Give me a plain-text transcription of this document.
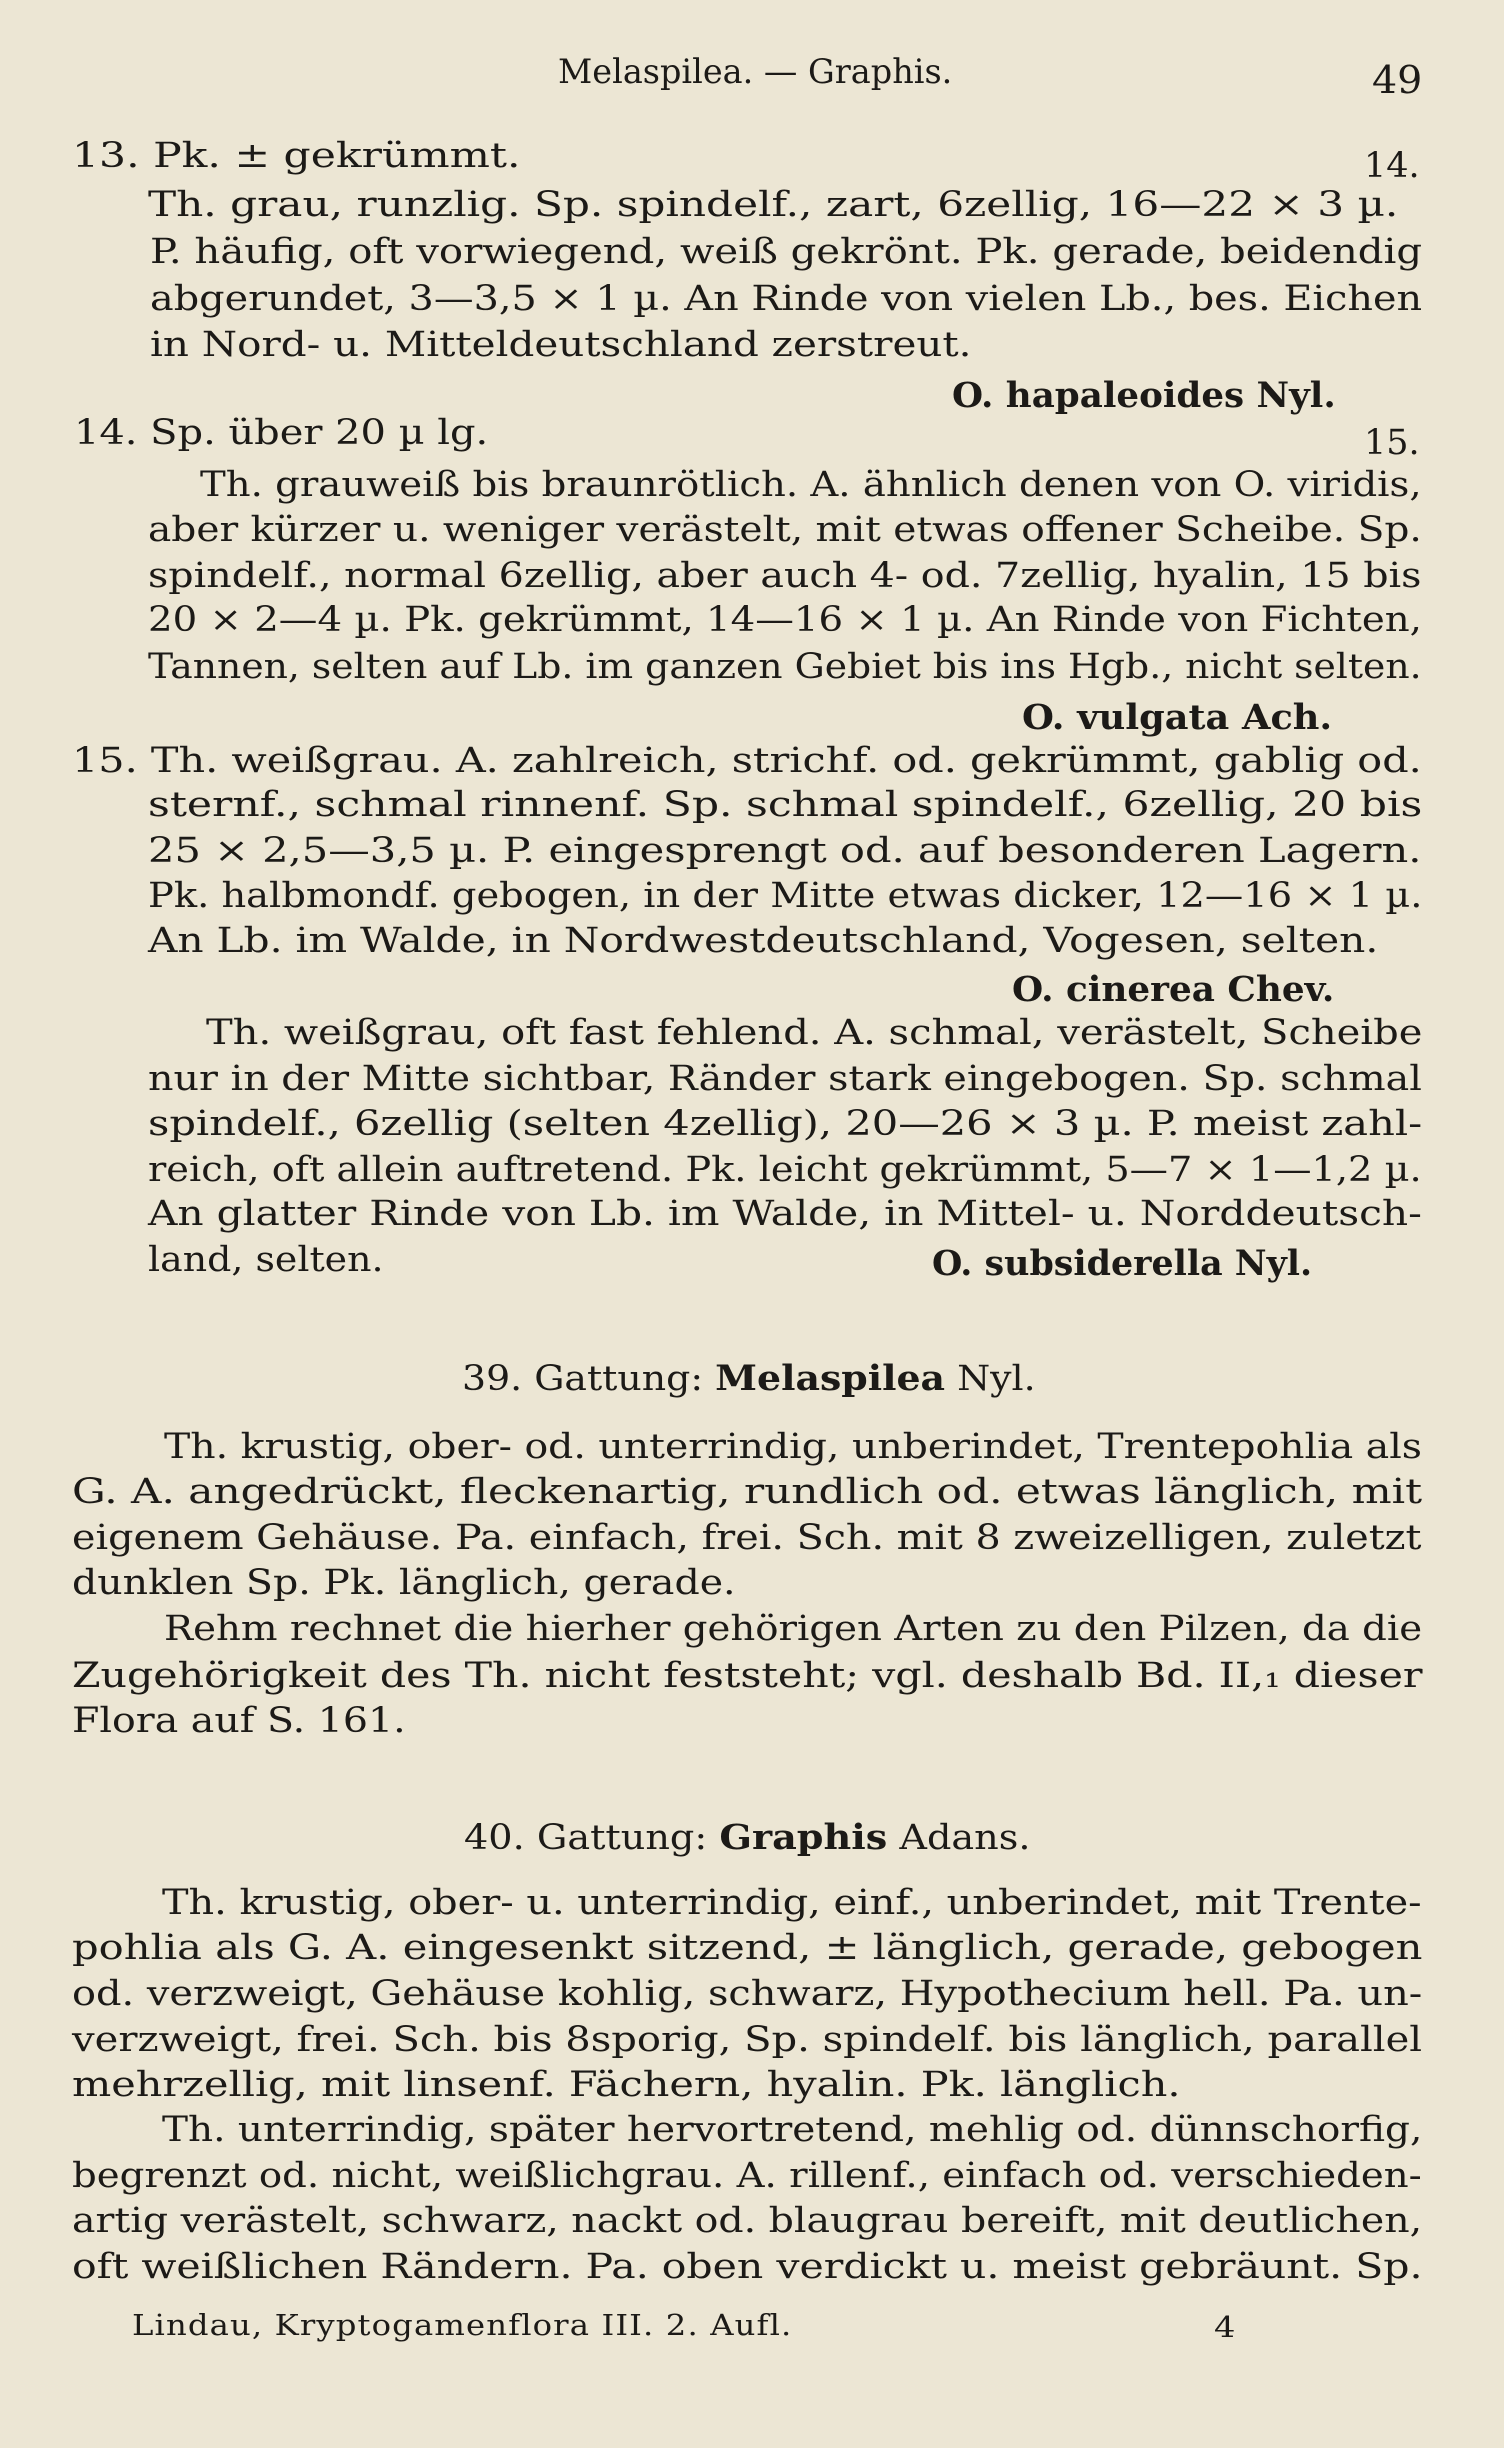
Melaspilea. — Graphis.	49
13. Pk. ± gekrümmt.	14.
Th. grau, runzlig. Sp. spindelf., zart, 6zellig, 16—22 × 3 µ.
P. häufig, oft vorwiegend, weiß gekrönt. Pk. gerade, beidendig
abgerundet, 3—3,5 × 1 µ. An Rinde von vielen Lb., bes. Eichen
in Nord- u. Mitteldeutschland zerstreut.
O. hapaleoides Nyl.
14. Sp. über 20 µ lg.	15.
Th. grauweiß bis braunrötlich. A. ähnlich denen von O. viridis,
aber kürzer u. weniger verästelt, mit etwas offener Scheibe. Sp.
spindelf., normal 6zellig, aber auch 4- od. 7zellig, hyalin, 15 bis
20 × 2—4 µ. Pk. gekrümmt, 14—16 × 1 µ. An Rinde von Fichten,
Tannen, selten auf Lb. im ganzen Gebiet bis ins Hgb., nicht selten.
O. vulgata Ach.
15. Th. weißgrau. A. zahlreich, strichf. od. gekrümmt, gablig od.
sternf., schmal rinnenf. Sp. schmal spindelf., 6zellig, 20 bis
25 × 2,5—3,5 µ. P. eingesprengt od. auf besonderen Lagern.
Pk. halbmondf. gebogen, in der Mitte etwas dicker, 12—16 × 1 µ.
An Lb. im Walde, in Nordwestdeutschland, Vogesen, selten.
O. cinerea Chev.
Th. weißgrau, oft fast fehlend. A. schmal, verästelt, Scheibe
nur in der Mitte sichtbar, Ränder stark eingebogen. Sp. schmal
spindelf., 6zellig (selten 4zellig), 20—26 × 3 µ. P. meist zahl-
reich, oft allein auftretend. Pk. leicht gekrümmt, 5—7 × 1—1,2 µ.
An glatter Rinde von Lb. im Walde, in Mittel- u. Norddeutsch-
land, selten.	O. subsiderella Nyl.
39. Gattung: Melaspilea Nyl.
Th. krustig, ober- od. unterrindig, unberindet, Trentepohlia als
G. A. angedrückt, fleckenartig, rundlich od. etwas länglich, mit
eigenem Gehäuse. Pa. einfach, frei. Sch. mit 8 zweizelligen, zuletzt
dunklen Sp. Pk. länglich, gerade.
Rehm rechnet die hierher gehörigen Arten zu den Pilzen, da die
Zugehörigkeit des Th. nicht feststeht; vgl. deshalb Bd. II,₁ dieser
Flora auf S. 161.
40. Gattung: Graphis Adans.
Th. krustig, ober- u. unterrindig, einf., unberindet, mit Trente-
pohlia als G. A. eingesenkt sitzend, ± länglich, gerade, gebogen
od. verzweigt, Gehäuse kohlig, schwarz, Hypothecium hell. Pa. un-
verzweigt, frei. Sch. bis 8sporig, Sp. spindelf. bis länglich, parallel
mehrzellig, mit linsenf. Fächern, hyalin. Pk. länglich.
Th. unterrindig, später hervortretend, mehlig od. dünnschorfig,
begrenzt od. nicht, weißlichgrau. A. rillenf., einfach od. verschieden-
artig verästelt, schwarz, nackt od. blaugrau bereift, mit deutlichen,
oft weißlichen Rändern. Pa. oben verdickt u. meist gebräunt. Sp.
Lindau, Kryptogamenflora III. 2. Aufl.	4
